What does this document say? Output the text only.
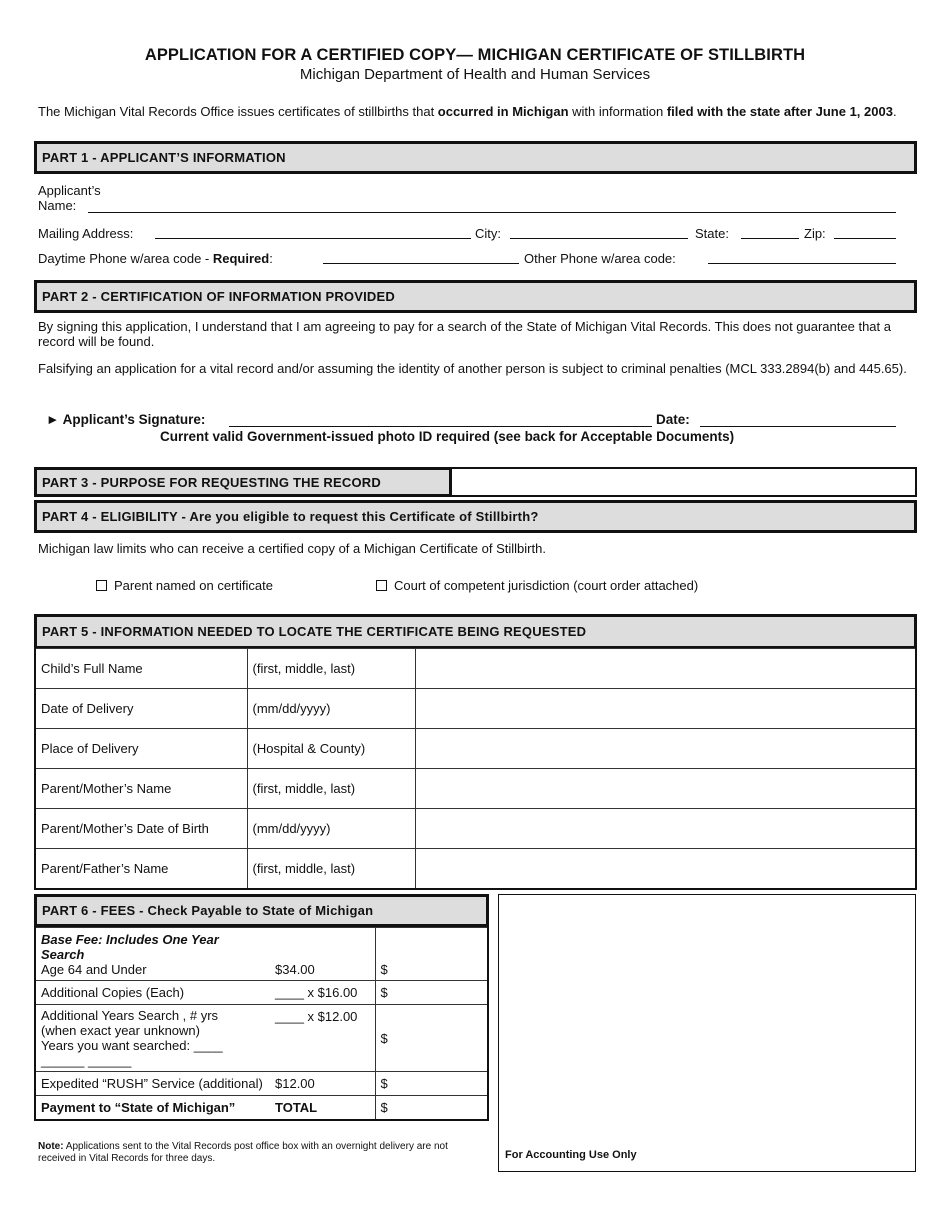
APPLICATION FOR A CERTIFIED COPY— MICHIGAN CERTIFICATE OF STILLBIRTH
Michigan Department of Health and Human Services
The Michigan Vital Records Office issues certificates of stillbirths that occurred in Michigan with information filed with the state after June 1, 2003.
PART 1 - APPLICANT’S INFORMATION
Applicant’s
Name:
Mailing Address:	City:	State:	Zip:
Daytime Phone w/area code - Required:	Other Phone w/area code:
PART 2 - CERTIFICATION OF INFORMATION PROVIDED
By signing this application, I understand that I am agreeing to pay for a search of the State of Michigan Vital Records. This does not guarantee that a record will be found.
Falsifying an application for a vital record and/or assuming the identity of another person is subject to criminal penalties (MCL 333.2894(b) and 445.65).
► Applicant’s Signature:	Date:
Current valid Government-issued photo ID required (see back for Acceptable Documents)
PART 3 - PURPOSE FOR REQUESTING THE RECORD
PART 4 - ELIGIBILITY - Are you eligible to request this Certificate of Stillbirth?
Michigan law limits who can receive a certified copy of a Michigan Certificate of Stillbirth.
Parent named on certificate	Court of competent jurisdiction (court order attached)
PART 5 - INFORMATION NEEDED TO LOCATE THE CERTIFICATE BEING REQUESTED
Child’s Full Name	(first, middle, last)	
Date of Delivery	(mm/dd/yyyy)	
Place of Delivery	(Hospital & County)	
Parent/Mother’s Name	(first, middle, last)	
Parent/Mother’s Date of Birth	(mm/dd/yyyy)	
Parent/Father’s Name	(first, middle, last)	
PART 6 - FEES - Check Payable to State of Michigan
Base Fee: Includes One Year Search
Age 64 and Under	$34.00	$
Additional Copies (Each)	____ x $16.00	$

Additional Years Search , # yrs
(when exact year unknown)
Years you want searched: ____ ______ ______	____ x $12.00	$
Expedited “RUSH” Service (additional)	$12.00	$
Payment to “State of Michigan”	TOTAL	$
For Accounting Use Only
Note: Applications sent to the Vital Records post office box with an overnight delivery are not received in Vital Records for three days.
